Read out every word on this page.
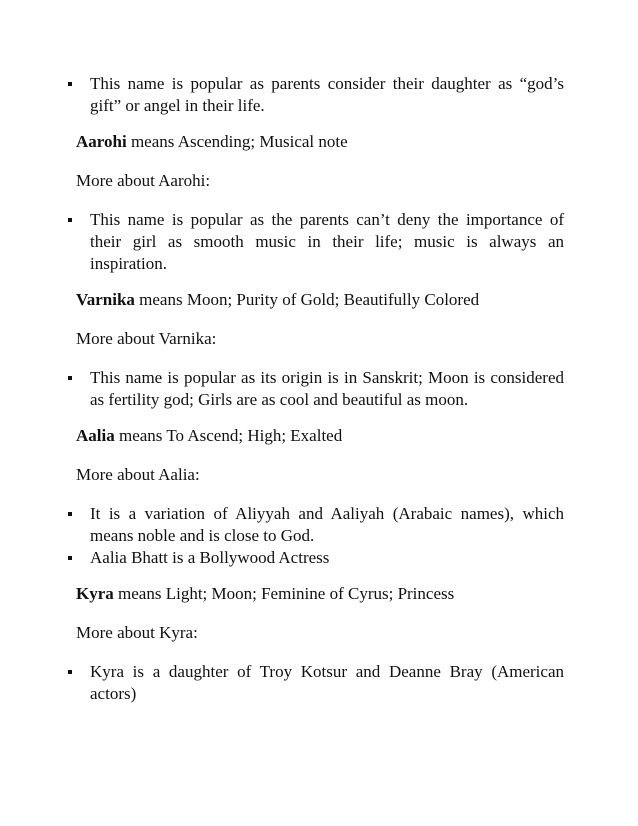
This name is popular as parents consider their daughter as “god’s gift” or angel in their life.

Aarohi means Ascending; Musical note

More about Aarohi:

This name is popular as the parents can’t deny the importance of their girl as smooth music in their life; music is always an inspiration.

Varnika means Moon; Purity of Gold; Beautifully Colored

More about Varnika:

This name is popular as its origin is in Sanskrit; Moon is considered as fertility god; Girls are as cool and beautiful as moon.

Aalia means To Ascend; High; Exalted

More about Aalia:

It is a variation of Aliyyah and Aaliyah (Arabaic names), which means noble and is close to God.
Aalia Bhatt is a Bollywood Actress

Kyra means Light; Moon; Feminine of Cyrus; Princess

More about Kyra:

Kyra is a daughter of Troy Kotsur and Deanne Bray (American actors)
